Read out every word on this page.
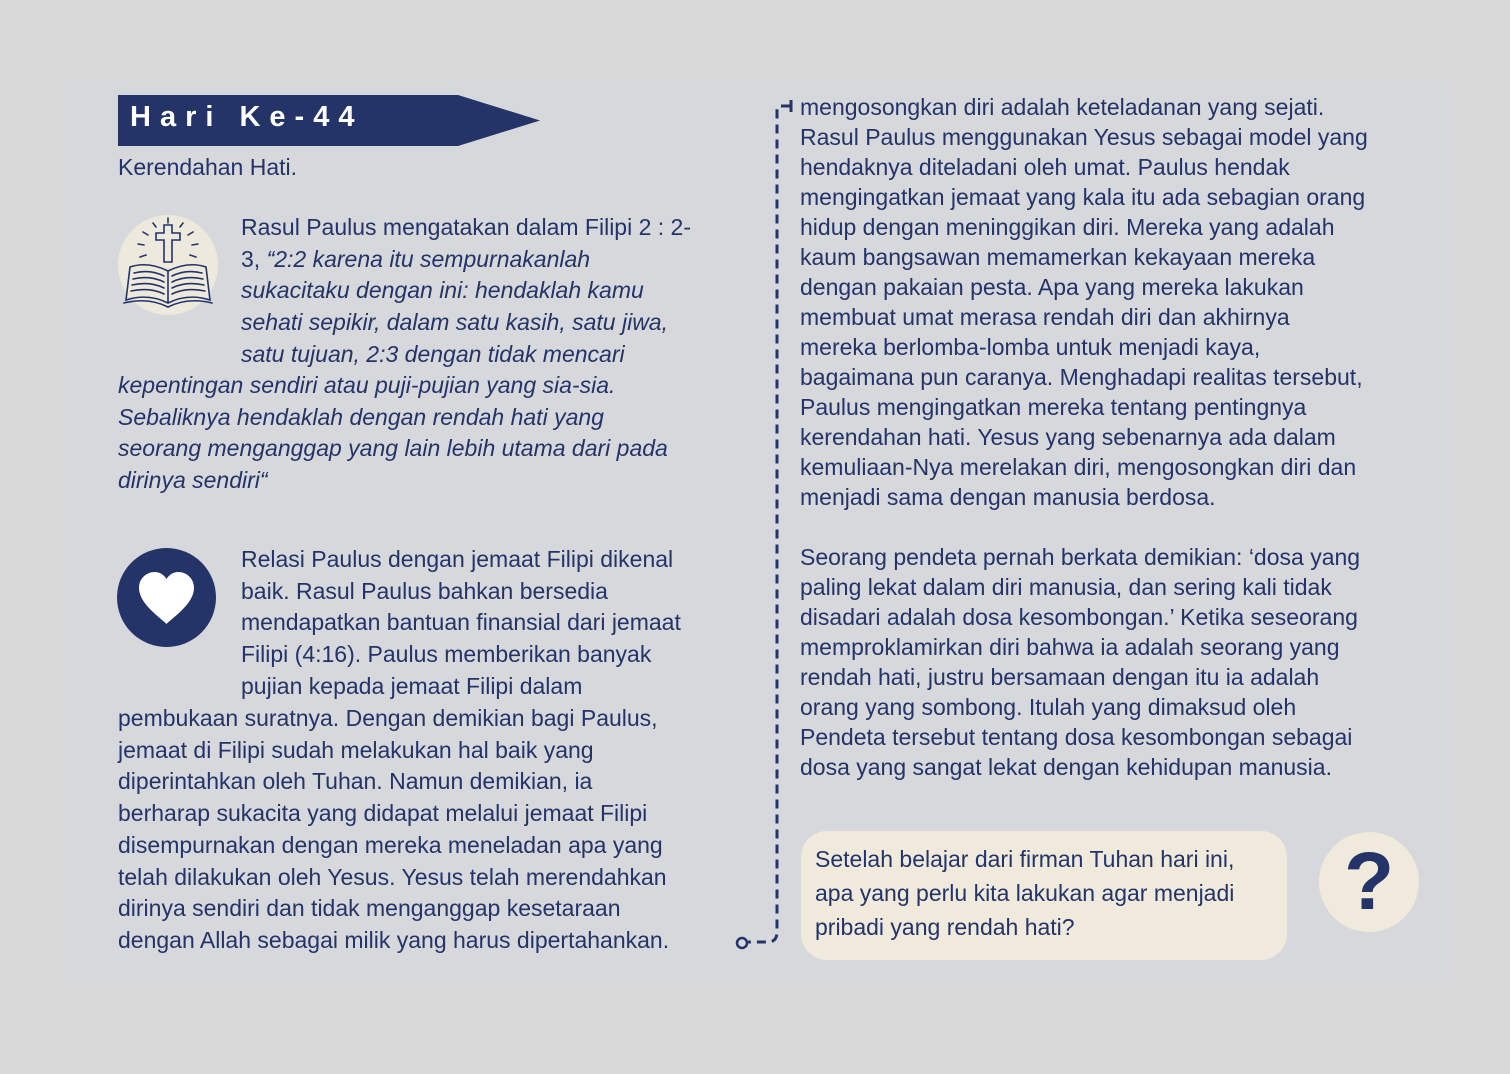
Hari Ke-44
Kerendahan Hati.

Rasul Paulus mengatakan dalam Filipi 2 : 2-

3, “2:2 karena itu sempurnakanlah

sukacitaku dengan ini: hendaklah kamu

sehati sepikir, dalam satu kasih, satu jiwa,

satu tujuan, 2:3 dengan tidak mencari

kepentingan sendiri atau puji-pujian yang sia-sia.

Sebaliknya hendaklah dengan rendah hati yang

seorang menganggap yang lain lebih utama dari pada

dirinya sendiri“

Relasi Paulus dengan jemaat Filipi dikenal

baik. Rasul Paulus bahkan bersedia

mendapatkan bantuan finansial dari jemaat

Filipi (4:16). Paulus memberikan banyak

pujian kepada jemaat Filipi dalam

pembukaan suratnya. Dengan demikian bagi Paulus,

jemaat di Filipi sudah melakukan hal baik yang

diperintahkan oleh Tuhan. Namun demikian, ia

berharap sukacita yang didapat melalui jemaat Filipi

disempurnakan dengan mereka meneladan apa yang

telah dilakukan oleh Yesus. Yesus telah merendahkan

dirinya sendiri dan tidak menganggap kesetaraan

dengan Allah sebagai milik yang harus dipertahankan.

mengosongkan diri adalah keteladanan yang sejati.

Rasul Paulus menggunakan Yesus sebagai model yang

hendaknya diteladani oleh umat. Paulus hendak

mengingatkan jemaat yang kala itu ada sebagian orang

hidup dengan meninggikan diri. Mereka yang adalah

kaum bangsawan memamerkan kekayaan mereka

dengan pakaian pesta. Apa yang mereka lakukan

membuat umat merasa rendah diri dan akhirnya

mereka berlomba-lomba untuk menjadi kaya,

bagaimana pun caranya. Menghadapi realitas tersebut,

Paulus mengingatkan mereka tentang pentingnya

kerendahan hati. Yesus yang sebenarnya ada dalam

kemuliaan-Nya merelakan diri, mengosongkan diri dan

menjadi sama dengan manusia berdosa.

Seorang pendeta pernah berkata demikian: ‘dosa yang

paling lekat dalam diri manusia, dan sering kali tidak

disadari adalah dosa kesombongan.’ Ketika seseorang

memproklamirkan diri bahwa ia adalah seorang yang

rendah hati, justru bersamaan dengan itu ia adalah

orang yang sombong. Itulah yang dimaksud oleh

Pendeta tersebut tentang dosa kesombongan sebagai

dosa yang sangat lekat dengan kehidupan manusia.

Setelah belajar dari firman Tuhan hari ini,
apa yang perlu kita lakukan agar menjadi
pribadi yang rendah hati?	?
